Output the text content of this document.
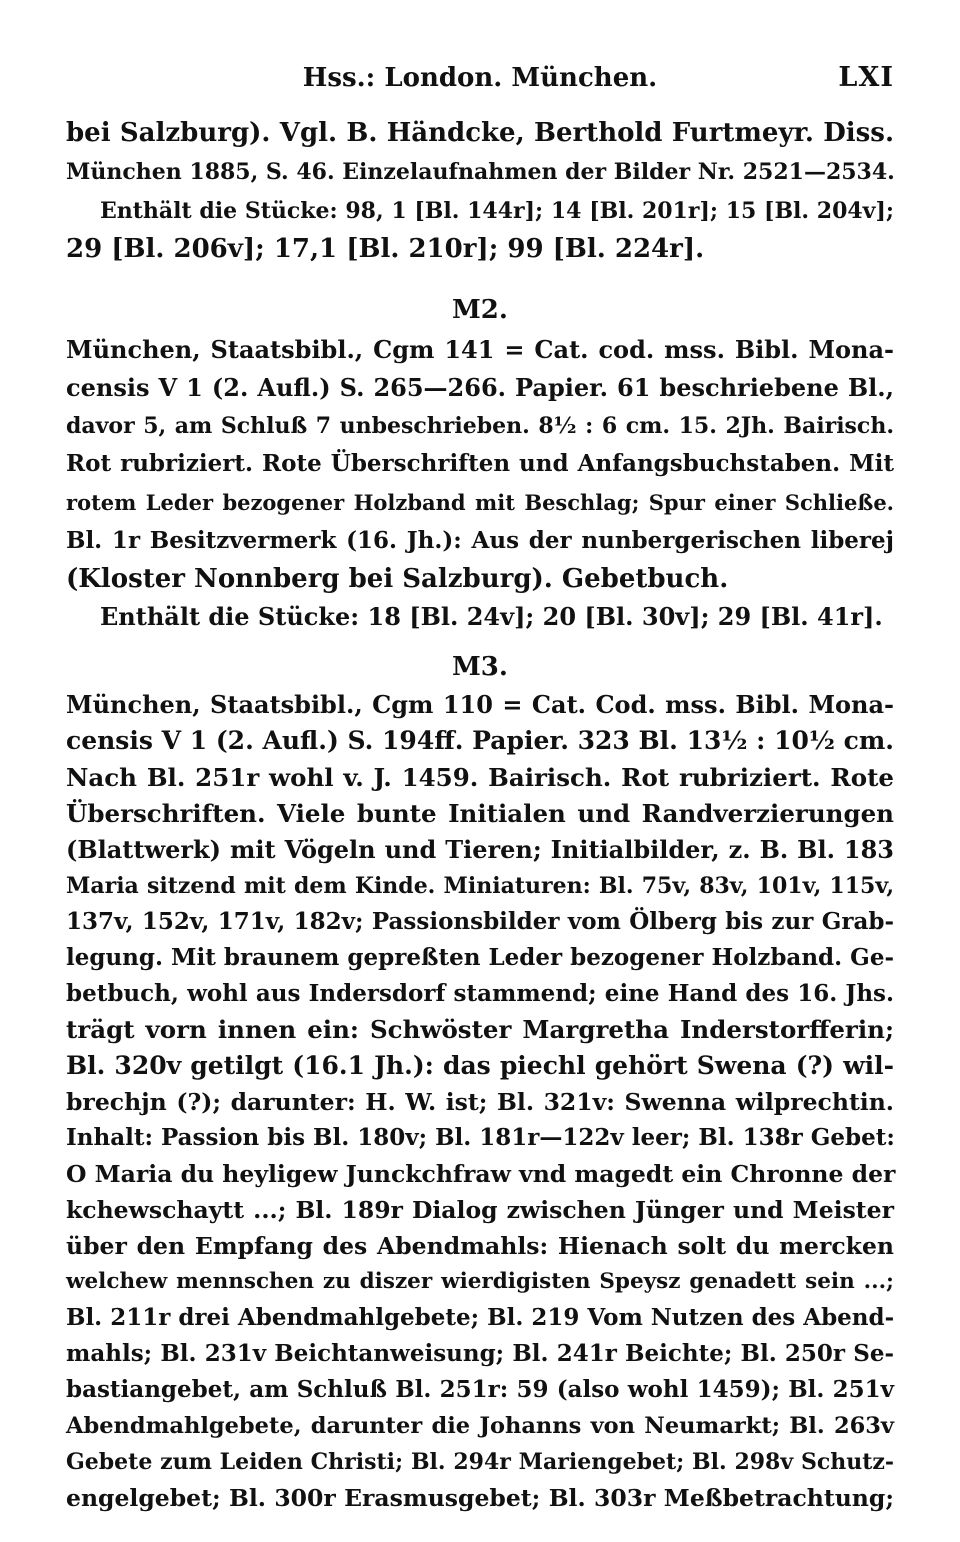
Hss.: London. München.	LXI
bei Salzburg). Vgl. B. Händcke, Berthold Furtmeyr. Diss.
München 1885, S. 46. Einzelaufnahmen der Bilder Nr. 2521—2534.
Enthält die Stücke: 98, 1 [Bl. 144r]; 14 [Bl. 201r]; 15 [Bl. 204v];
29 [Bl. 206v]; 17,1 [Bl. 210r]; 99 [Bl. 224r].
M2.
München, Staatsbibl., Cgm 141 = Cat. cod. mss. Bibl. Mona-
censis V 1 (2. Aufl.) S. 265—266. Papier. 61 beschriebene Bl.,
davor 5, am Schluß 7 unbeschrieben. 8½ : 6 cm. 15. 2Jh. Bairisch.
Rot rubriziert. Rote Überschriften und Anfangsbuchstaben. Mit
rotem Leder bezogener Holzband mit Beschlag; Spur einer Schließe.
Bl. 1r Besitzvermerk (16. Jh.): Aus der nunbergerischen liberej
(Kloster Nonnberg bei Salzburg). Gebetbuch.
Enthält die Stücke: 18 [Bl. 24v]; 20 [Bl. 30v]; 29 [Bl. 41r].
M3.
München, Staatsbibl., Cgm 110 = Cat. Cod. mss. Bibl. Mona-
censis V 1 (2. Aufl.) S. 194ff. Papier. 323 Bl. 13½ : 10½ cm.
Nach Bl. 251r wohl v. J. 1459. Bairisch. Rot rubriziert. Rote
Überschriften. Viele bunte Initialen und Randverzierungen
(Blattwerk) mit Vögeln und Tieren; Initialbilder, z. B. Bl. 183
Maria sitzend mit dem Kinde. Miniaturen: Bl. 75v, 83v, 101v, 115v,
137v, 152v, 171v, 182v; Passionsbilder vom Ölberg bis zur Grab-
legung. Mit braunem gepreßten Leder bezogener Holzband. Ge-
betbuch, wohl aus Indersdorf stammend; eine Hand des 16. Jhs.
trägt vorn innen ein: Schwöster Margretha Inderstorfferin;
Bl. 320v getilgt (16.1 Jh.): das piechl gehört Swena (?) wil-
brechjn (?); darunter: H. W. ist; Bl. 321v: Swenna wilprechtin.
Inhalt: Passion bis Bl. 180v; Bl. 181r—122v leer; Bl. 138r Gebet:
O Maria du heyligew Junckchfraw vnd magedt ein Chronne der
kchewschaytt ...; Bl. 189r Dialog zwischen Jünger und Meister
über den Empfang des Abendmahls: Hienach solt du mercken
welchew mennschen zu diszer wierdigisten Speysz genadett sein ...;
Bl. 211r drei Abendmahlgebete; Bl. 219 Vom Nutzen des Abend-
mahls; Bl. 231v Beichtanweisung; Bl. 241r Beichte; Bl. 250r Se-
bastiangebet, am Schluß Bl. 251r: 59 (also wohl 1459); Bl. 251v
Abendmahlgebete, darunter die Johanns von Neumarkt; Bl. 263v
Gebete zum Leiden Christi; Bl. 294r Mariengebet; Bl. 298v Schutz-
engelgebet; Bl. 300r Erasmusgebet; Bl. 303r Meßbetrachtung;
